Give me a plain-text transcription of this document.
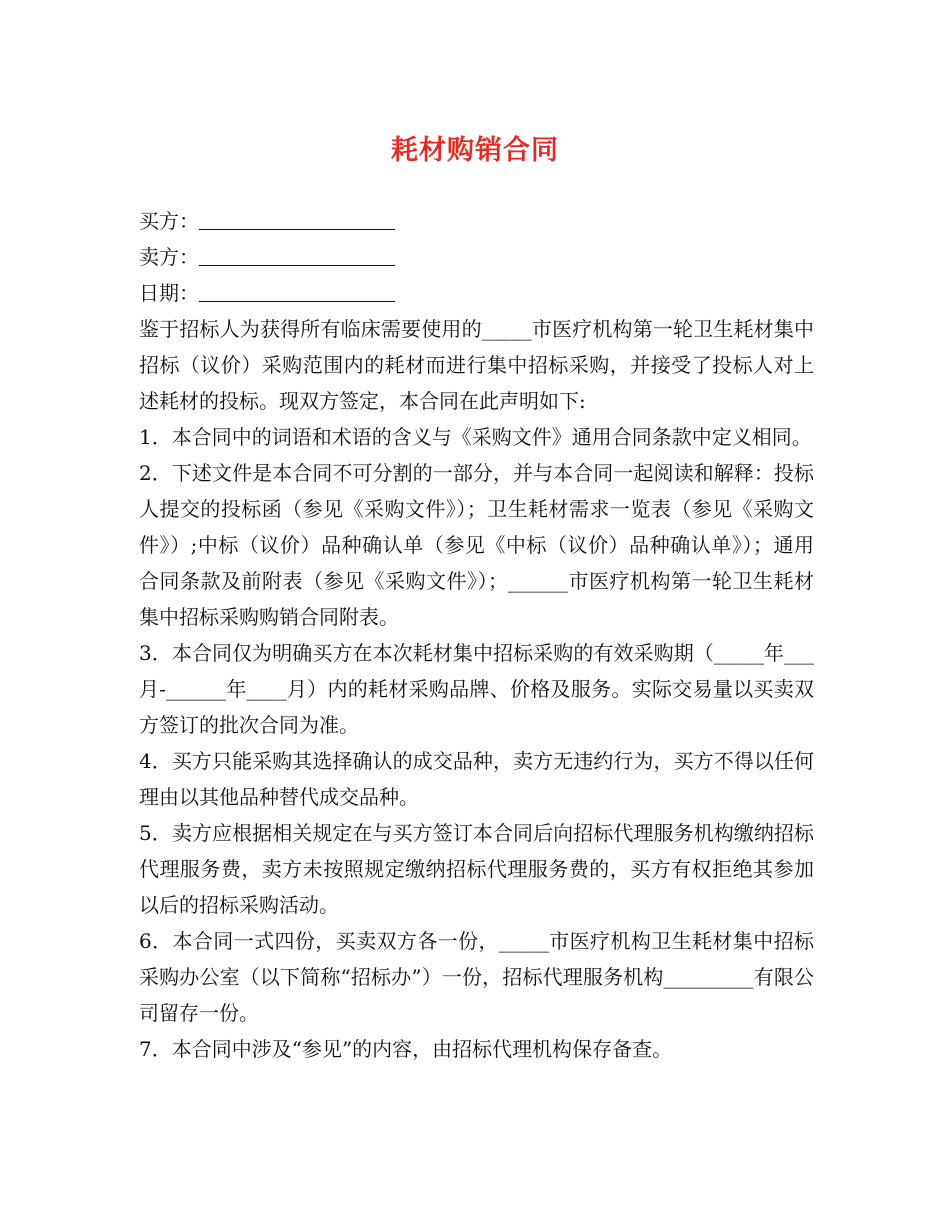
耗材购销合同
买方：
卖方：
日期：

鉴于招标人为获得所有临床需要使用的_____市医疗机构第一轮卫生耗材集中招标（议价）采购范围内的耗材而进行集中招标采购，并接受了投标人对上述耗材的投标。现双方签定，本合同在此声明如下:

1．本合同中的词语和术语的含义与《采购文件》通用合同条款中定义相同。

2．下述文件是本合同不可分割的一部分，并与本合同一起阅读和解释：投标人提交的投标函（参见《采购文件》）；卫生耗材需求一览表（参见《采购文件》）;中标（议价）品种确认单（参见《中标（议价）品种确认单》）；通用合同条款及前附表（参见《采购文件》）；______市医疗机构第一轮卫生耗材集中招标采购购销合同附表。

3．本合同仅为明确买方在本次耗材集中招标采购的有效采购期（_____年___月-______年____月）内的耗材采购品牌、价格及服务。实际交易量以买卖双方签订的批次合同为准。

4．买方只能采购其选择确认的成交品种，卖方无违约行为，买方不得以任何理由以其他品种替代成交品种。

5．卖方应根据相关规定在与买方签订本合同后向招标代理服务机构缴纳招标代理服务费，卖方未按照规定缴纳招标代理服务费的，买方有权拒绝其参加以后的招标采购活动。

6．本合同一式四份，买卖双方各一份，_____市医疗机构卫生耗材集中招标采购办公室（以下简称“招标办”）一份，招标代理服务机构_________有限公司留存一份。

7．本合同中涉及“参见”的内容，由招标代理机构保存备查。
